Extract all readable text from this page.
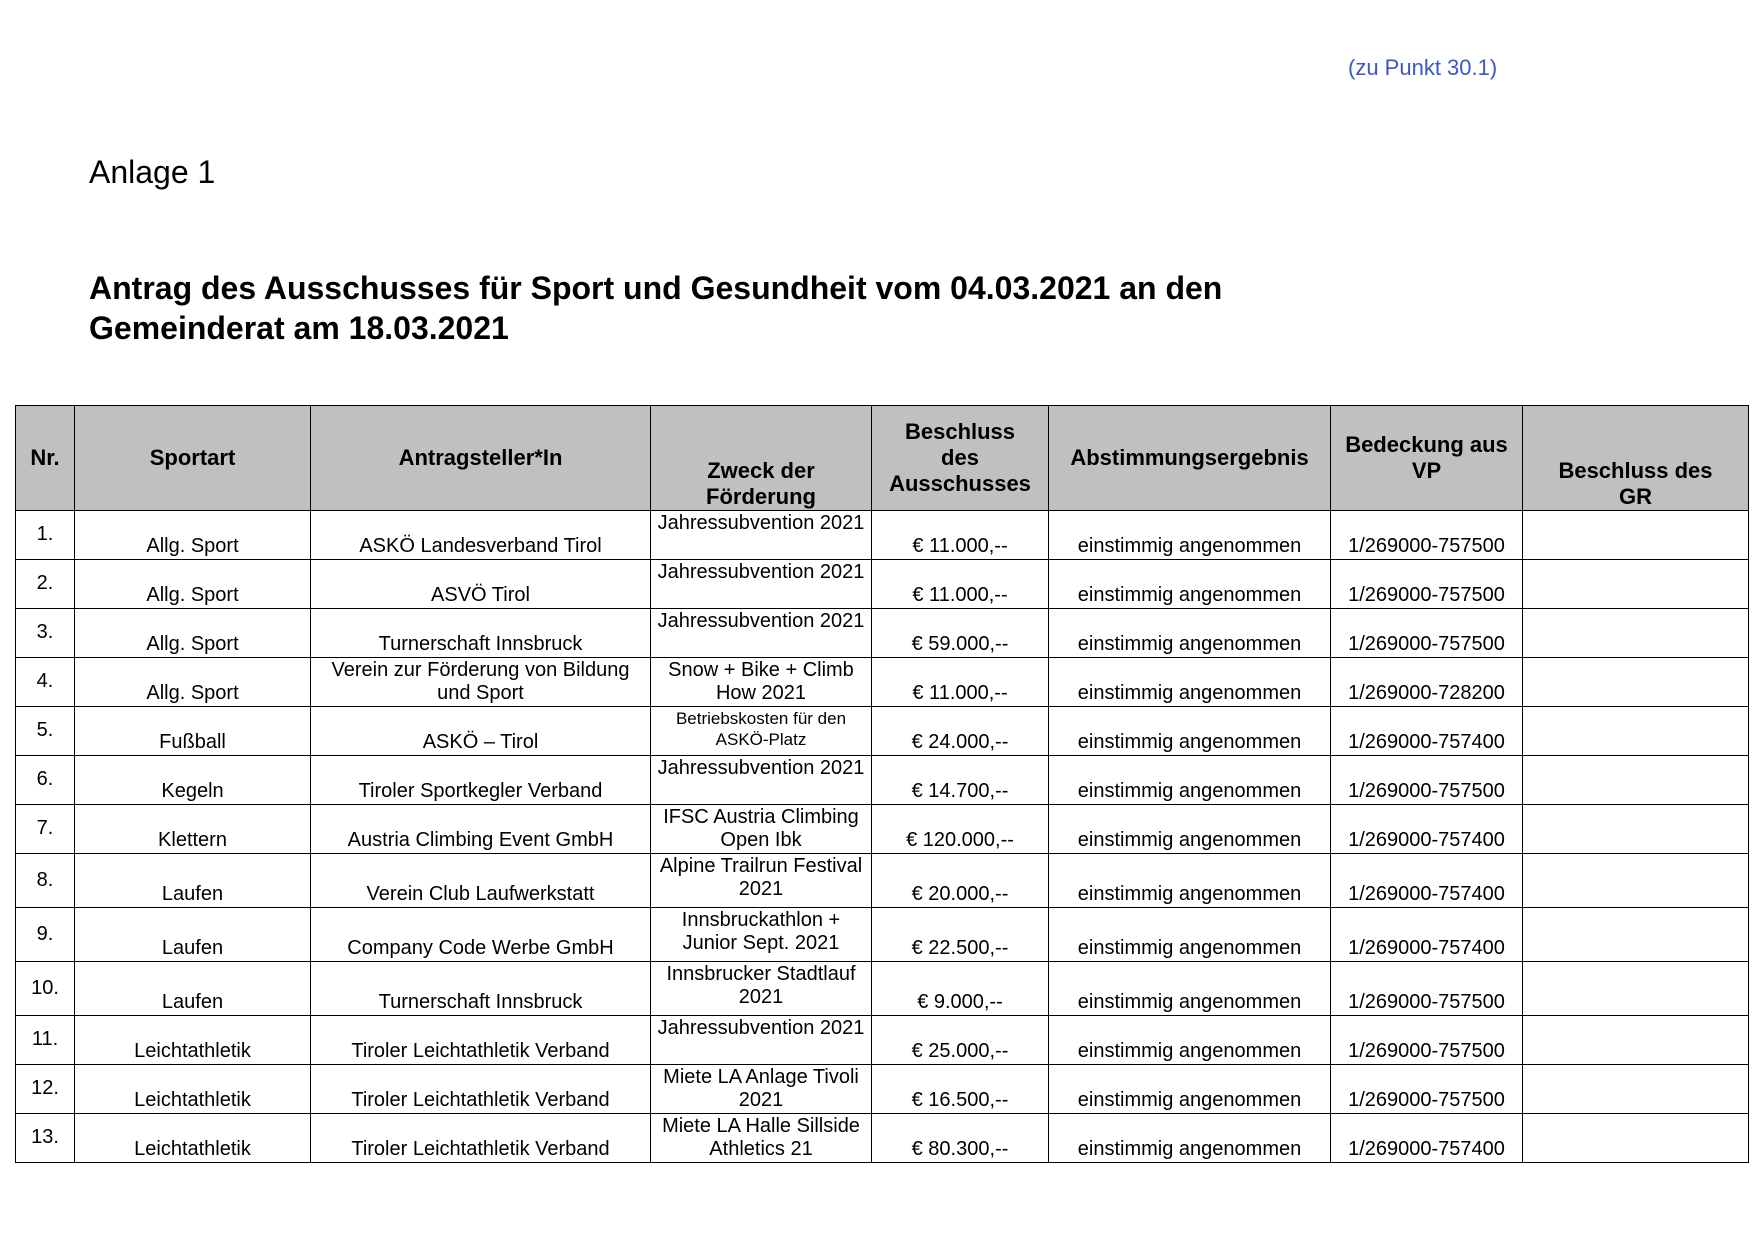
(zu Punkt 30.1)
Anlage 1
Antrag des Ausschusses für Sport und Gesundheit vom 04.03.2021 an den Gemeinderat am 18.03.2021
Nr.	Sportart	Antragsteller*In	Zweck der Förderung	Beschluss des Ausschusses	Abstimmungsergebnis	Bedeckung aus VP	Beschluss des GR
1.	Allg. Sport	ASKÖ Landesverband Tirol	Jahressubvention 2021	€ 11.000,--	einstimmig angenommen	1/269000-757500	
2.	Allg. Sport	ASVÖ Tirol	Jahressubvention 2021	€ 11.000,--	einstimmig angenommen	1/269000-757500	
3.	Allg. Sport	Turnerschaft Innsbruck	Jahressubvention 2021	€ 59.000,--	einstimmig angenommen	1/269000-757500	
4.	Allg. Sport	Verein zur Förderung von Bildung und Sport	Snow + Bike + Climb How 2021	€ 11.000,--	einstimmig angenommen	1/269000-728200	
5.	Fußball	ASKÖ – Tirol	Betriebskosten für den ASKÖ-Platz	€ 24.000,--	einstimmig angenommen	1/269000-757400	
6.	Kegeln	Tiroler Sportkegler Verband	Jahressubvention 2021	€ 14.700,--	einstimmig angenommen	1/269000-757500	
7.	Klettern	Austria Climbing Event GmbH	IFSC Austria Climbing Open Ibk	€ 120.000,--	einstimmig angenommen	1/269000-757400	
8.	Laufen	Verein Club Laufwerkstatt	Alpine Trailrun Festival 2021	€ 20.000,--	einstimmig angenommen	1/269000-757400	
9.	Laufen	Company Code Werbe GmbH	Innsbruckathlon + Junior Sept. 2021	€ 22.500,--	einstimmig angenommen	1/269000-757400	
10.	Laufen	Turnerschaft Innsbruck	Innsbrucker Stadtlauf 2021	€ 9.000,--	einstimmig angenommen	1/269000-757500	
11.	Leichtathletik	Tiroler Leichtathletik Verband	Jahressubvention 2021	€ 25.000,--	einstimmig angenommen	1/269000-757500	
12.	Leichtathletik	Tiroler Leichtathletik Verband	Miete LA Anlage Tivoli 2021	€ 16.500,--	einstimmig angenommen	1/269000-757500	
13.	Leichtathletik	Tiroler Leichtathletik Verband	Miete LA Halle Sillside Athletics 21	€ 80.300,--	einstimmig angenommen	1/269000-757400	
